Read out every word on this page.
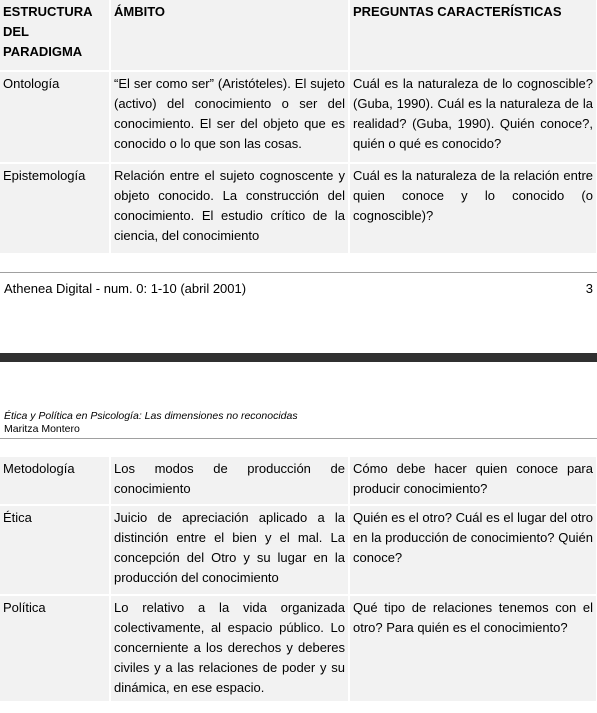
ESTRUCTURA DEL PARADIGMA	ÁMBITO	PREGUNTAS CARACTERÍSTICAS
Ontología	“El ser como ser” (Aristóteles). El sujeto (activo) del conocimiento o ser del conocimiento. El ser del objeto que es conocido o lo que son las cosas.	Cuál es la naturaleza de lo cognoscible? (Guba, 1990). Cuál es la naturaleza de la realidad? (Guba, 1990). Quién conoce?, quién o qué es conocido?
Epistemología	Relación entre el sujeto cognoscente y objeto conocido. La construcción del conocimiento. El estudio crítico de la ciencia, del conocimiento	Cuál es la naturaleza de la relación entre quien conoce y lo conocido (o cognoscible)?
Athenea Digital - num. 0: 1-10 (abril 2001)	3
Ética y Política en Psicología: Las dimensiones no reconocidas
Maritza Montero
Metodología	Los modos de producción de conocimiento	Cómo debe hacer quien conoce para producir conocimiento?
Ética	Juicio de apreciación aplicado a la distinción entre el bien y el mal. La concepción del Otro y su lugar en la producción del conocimiento	Quién es el otro? Cuál es el lugar del otro en la producción de conocimiento? Quién conoce?
Política	Lo relativo a la vida organizada colectivamente, al espacio público. Lo concerniente a los derechos y deberes civiles y a las relaciones de poder y su dinámica, en ese espacio.	Qué tipo de relaciones tenemos con el otro? Para quién es el conocimiento?
